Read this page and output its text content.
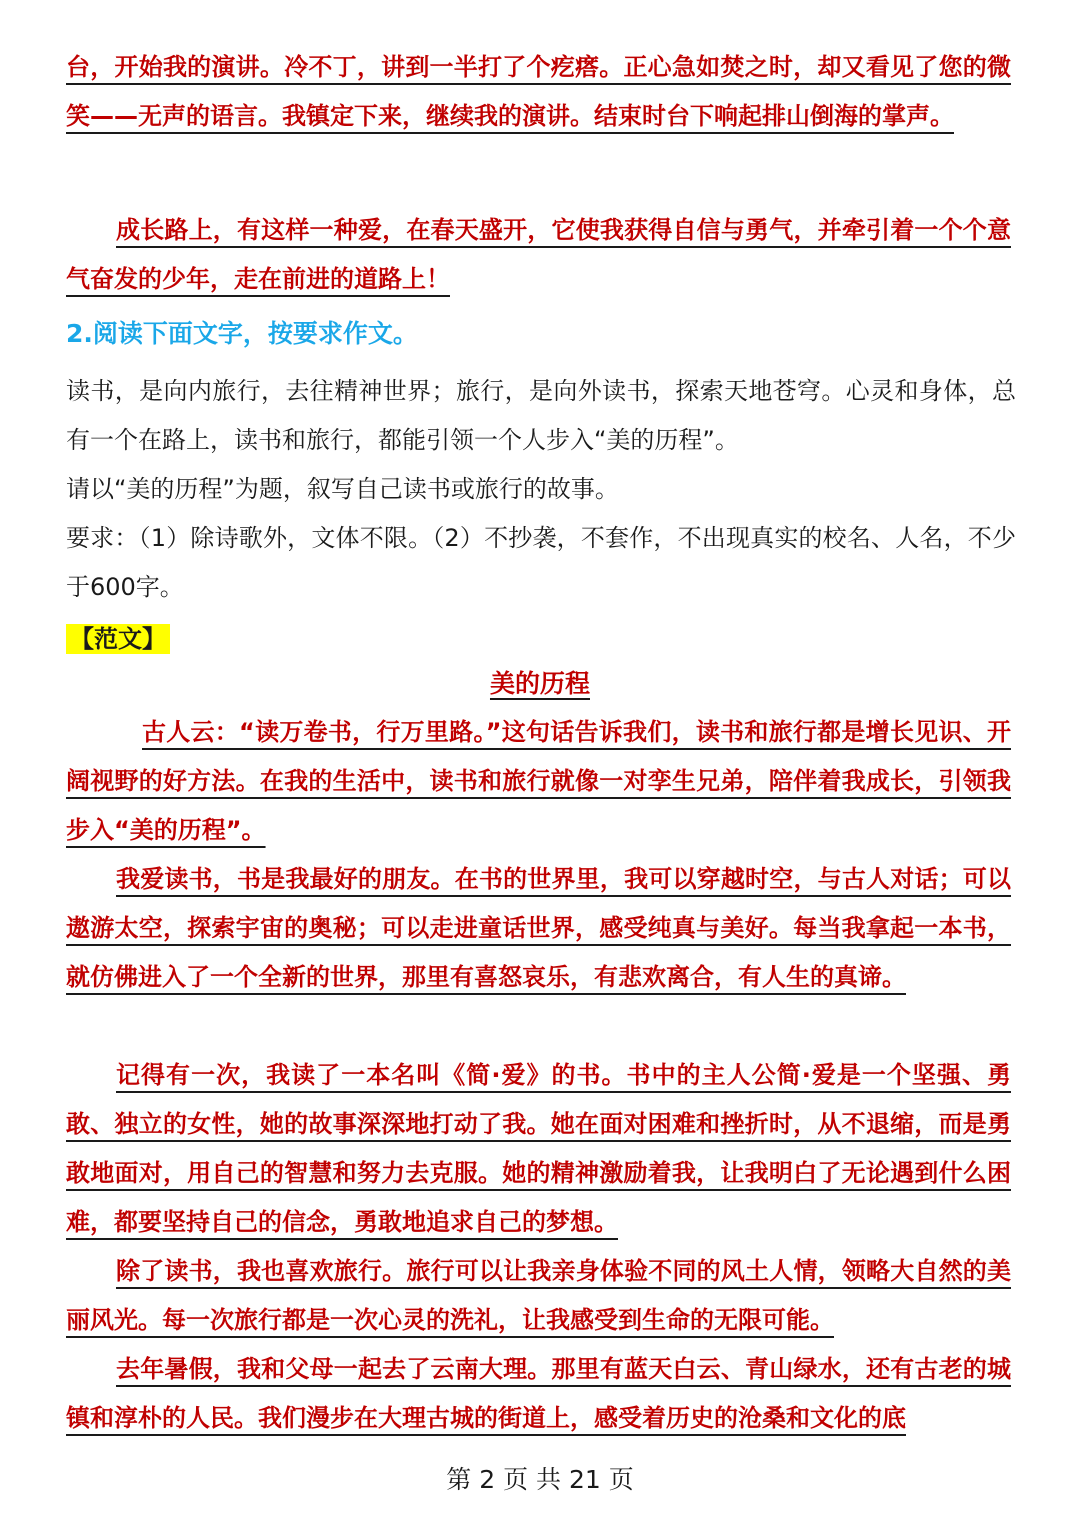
台，开始我的演讲。冷不丁，讲到一半打了个疙瘩。正心急如焚之时，却又看见了您的微笑——无声的语言。我镇定下来，继续我的演讲。结束时台下响起排山倒海的掌声。

成长路上，有这样一种爱，在春天盛开，它使我获得自信与勇气，并牵引着一个个意气奋发的少年，走在前进的道路上！

2.阅读下面文字，按要求作文。

读书，是向内旅行，去往精神世界；旅行，是向外读书，探索天地苍穹。心灵和身体，总有一个在路上，读书和旅行，都能引领一个人步入“美的历程”。

请以“美的历程”为题，叙写自己读书或旅行的故事。

要求：（1）除诗歌外，文体不限。（2）不抄袭，不套作，不出现真实的校名、人名，不少于600字。

【范文】
美的历程

古人云：“读万卷书，行万里路。”这句话告诉我们，读书和旅行都是增长见识、开阔视野的好方法。在我的生活中，读书和旅行就像一对孪生兄弟，陪伴着我成长，引领我步入“美的历程”。

我爱读书，书是我最好的朋友。在书的世界里，我可以穿越时空，与古人对话；可以遨游太空，探索宇宙的奥秘；可以走进童话世界，感受纯真与美好。每当我拿起一本书，就仿佛进入了一个全新的世界，那里有喜怒哀乐，有悲欢离合，有人生的真谛。

记得有一次，我读了一本名叫《简·爱》的书。书中的主人公简·爱是一个坚强、勇敢、独立的女性，她的故事深深地打动了我。她在面对困难和挫折时，从不退缩，而是勇敢地面对，用自己的智慧和努力去克服。她的精神激励着我，让我明白了无论遇到什么困难，都要坚持自己的信念，勇敢地追求自己的梦想。

除了读书，我也喜欢旅行。旅行可以让我亲身体验不同的风土人情，领略大自然的美丽风光。每一次旅行都是一次心灵的洗礼，让我感受到生命的无限可能。

去年暑假，我和父母一起去了云南大理。那里有蓝天白云、青山绿水，还有古老的城镇和淳朴的人民。我们漫步在大理古城的街道上，感受着历史的沧桑和文化的底

第 2 页 共 21 页
